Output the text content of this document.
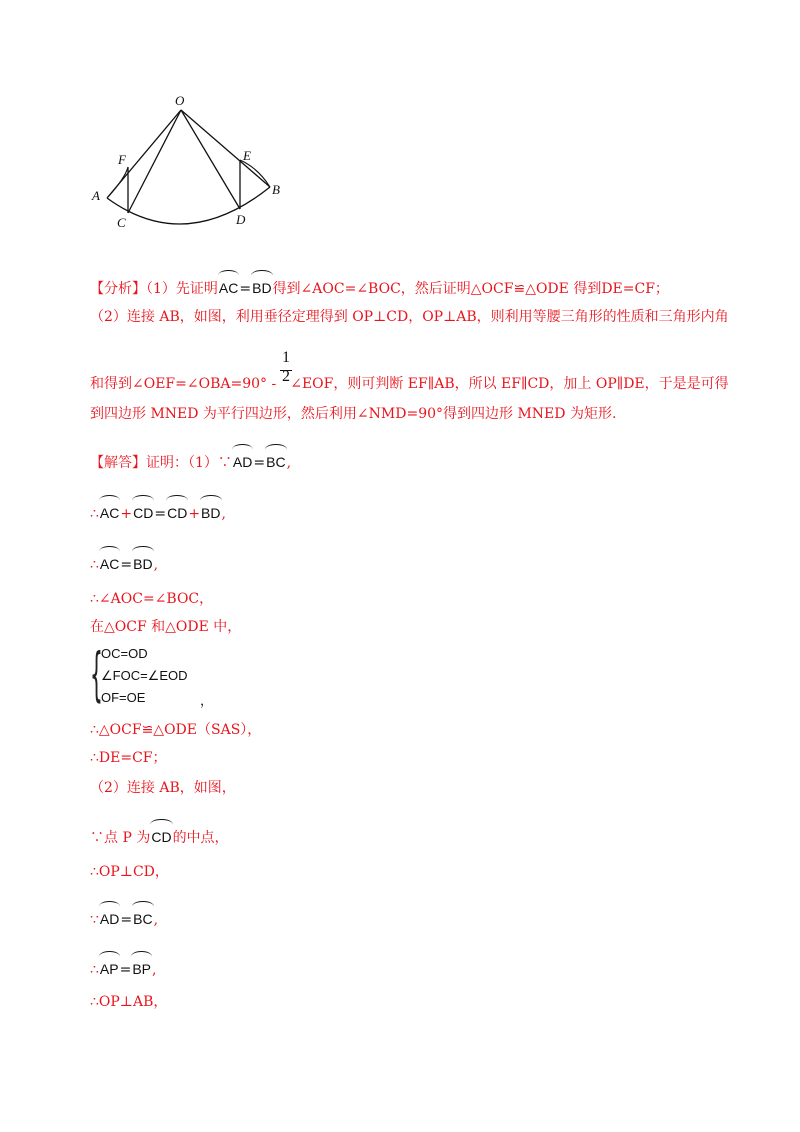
O
F	E
A	B
C	D
【分析】（1）先证明AC=BD得到∠AOC=∠BOC，然后证明△OCF≌△ODE 得到DE=CF；
（2）连接 AB，如图，利用垂径定理得到 OP⊥CD，OP⊥AB，则利用等腰三角形的性质和三角形内角
1
2
和得到∠OEF=∠OBA=90° - ∠EOF，则可判断 EF∥AB，所以 EF∥CD，加上 OP∥DE，于是是可得
到四边形 MNED 为平行四边形，然后利用∠NMD=90°得到四边形 MNED 为矩形.
【解答】证明：（1）∵AD=BC,
∴AC+CD=CD+BD,
∴AC=BD,
∴∠AOC=∠BOC，
在△OCF 和△ODE 中，
{
OC=OD
∠FOC=∠EOD
OF=OE	，
∴△OCF≌△ODE（SAS），
∴DE=CF；
（2）连接 AB，如图，
∵点 P 为CD的中点，
∴OP⊥CD，
∵AD=BC,
∴AP=BP,
∴OP⊥AB，
